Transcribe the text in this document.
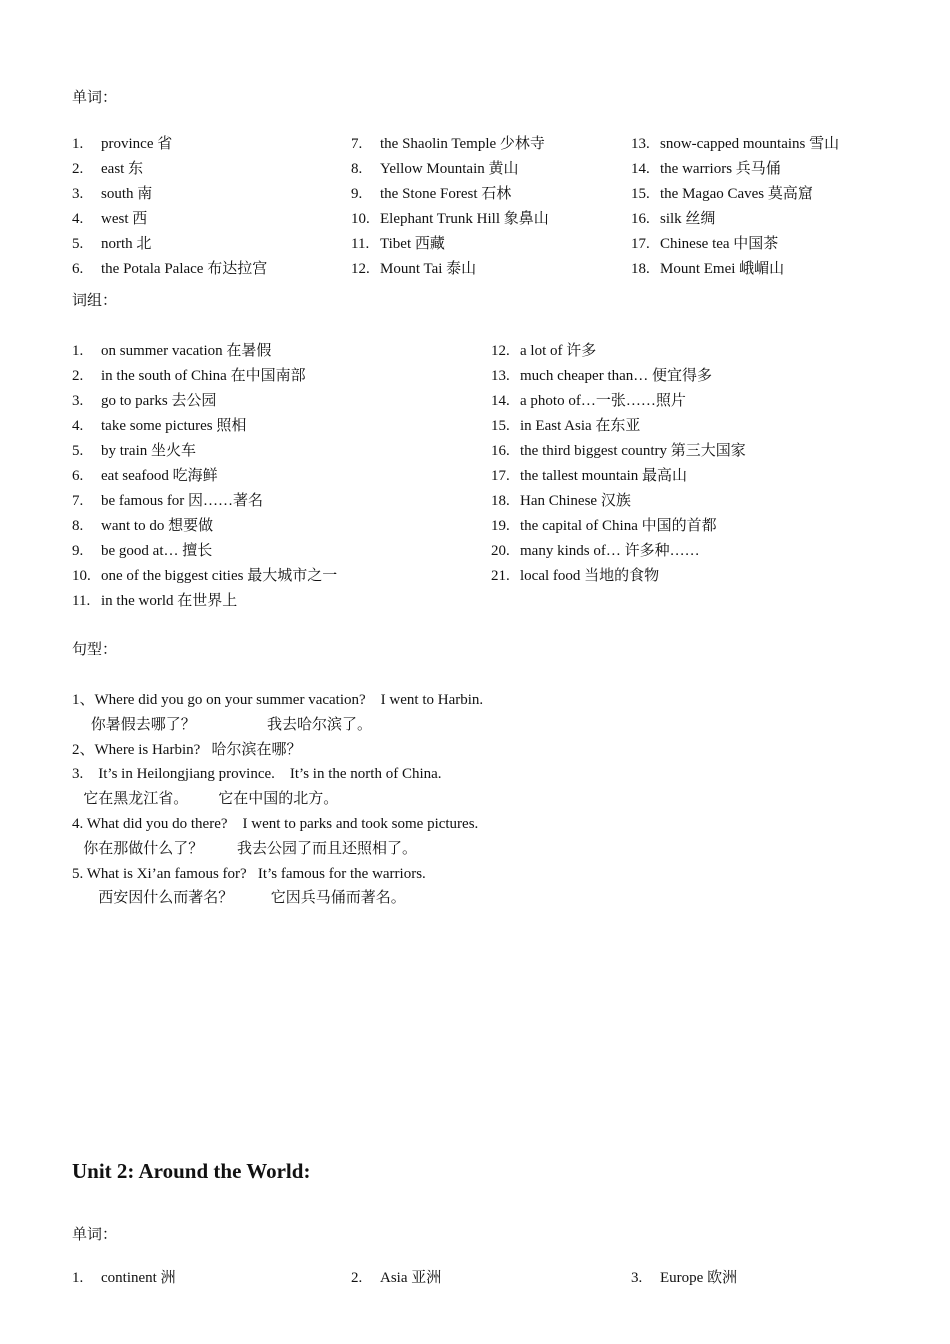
单词：
1. province 省
2. east 东
3. south 南
4. west 西
5. north 北
6. the Potala Palace 布达拉宫
7. the Shaolin Temple 少林寺
8. Yellow Mountain 黄山
9. the Stone Forest 石林
10. Elephant Trunk Hill 象鼻山
11. Tibet 西藏
12. Mount Tai 泰山
13. snow-capped mountains 雪山
14. the warriors 兵马俑
15. the Magao Caves 莫高窟
16. silk 丝绸
17. Chinese tea 中国茶
18. Mount Emei 峨嵋山
词组：
1. on summer vacation 在暑假
2. in the south of China 在中国南部
3. go to parks 去公园
4. take some pictures 照相
5. by train 坐火车
6. eat seafood 吃海鲜
7. be famous for 因……著名
8. want to do 想要做
9. be good at… 擅长
10. one of the biggest cities 最大城市之一
11. in the world 在世界上
12. a lot of 许多
13. much cheaper than… 便宜得多
14. a photo of…一张……照片
15. in East Asia 在东亚
16. the third biggest country 第三大国家
17. the tallest mountain 最高山
18. Han Chinese 汉族
19. the capital of China 中国的首都
20. many kinds of… 许多种……
21. local food 当地的食物
句型：
1、Where did you go on your summer vacation?    I went to Harbin.
你暑假去哪了？                   我去哈尔滨了。
2、Where is Harbin?   哈尔滨在哪？
3.    It’s in Heilongjiang province.    It’s in the north of China.
它在黑龙江省。        它在中国的北方。
4. What did you do there?    I went to parks and took some pictures.
你在那做什么了？         我去公园了而且还照相了。
5. What is Xi’an famous for?   It’s famous for the warriors.
西安因什么而著名？          它因兵马俑而著名。
Unit 2: Around the World:
单词：
1. continent 洲	2. Asia 亚洲	3. Europe 欧洲
